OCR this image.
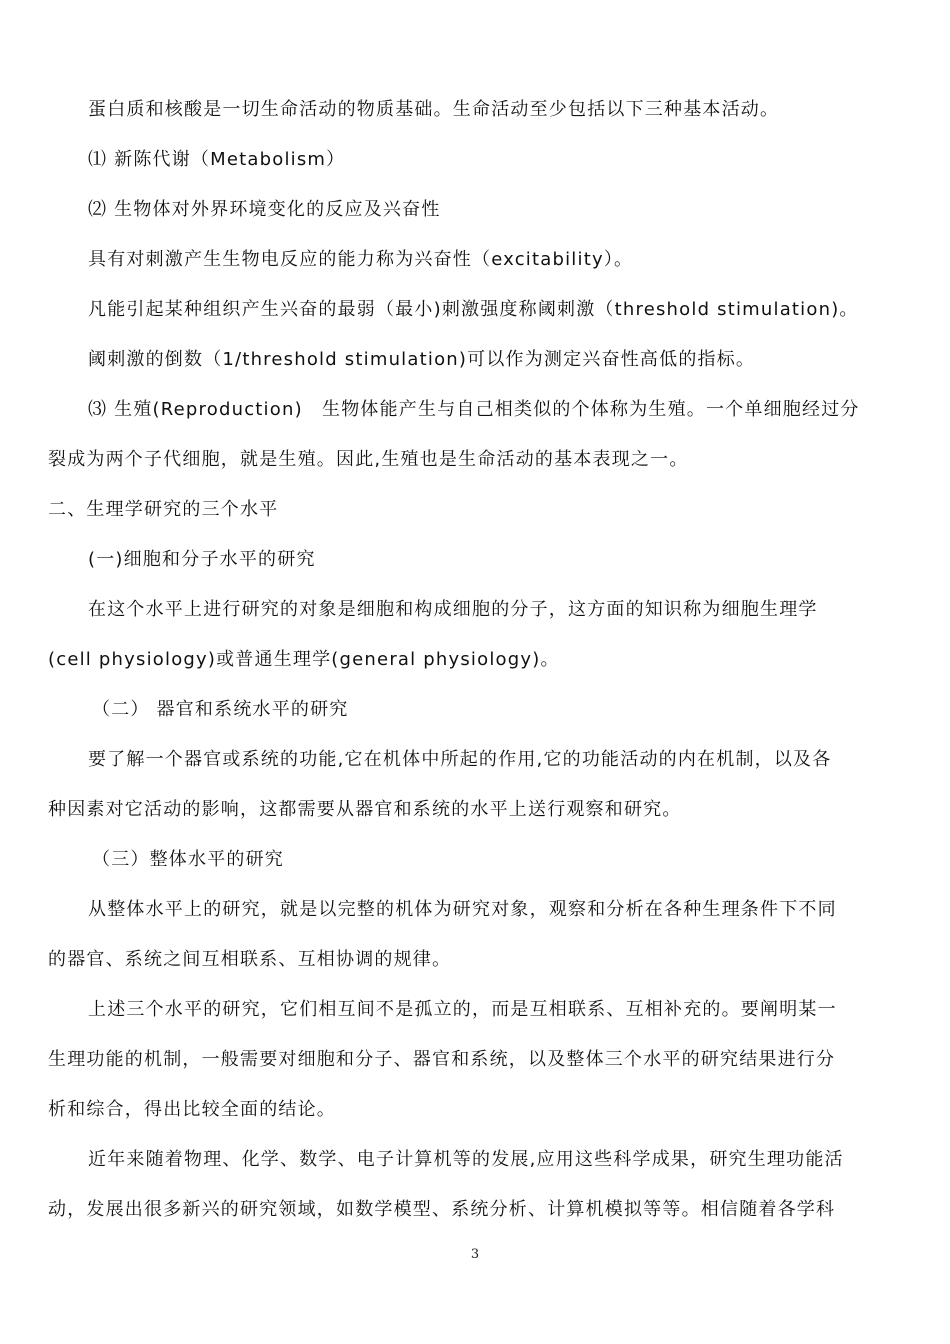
蛋白质和核酸是一切生命活动的物质基础。生命活动至少包括以下三种基本活动。
⑴ 新陈代谢（Metabolism）
⑵ 生物体对外界环境变化的反应及兴奋性
具有对刺激产生生物电反应的能力称为兴奋性（excitability）。
凡能引起某种组织产生兴奋的最弱（最小)刺激强度称阈刺激（threshold stimulation)。
阈刺激的倒数（1/threshold stimulation)可以作为测定兴奋性高低的指标。
⑶ 生殖(Reproduction)　生物体能产生与自己相类似的个体称为生殖。一个单细胞经过分
裂成为两个子代细胞，就是生殖。因此,生殖也是生命活动的基本表现之一。
二、生理学研究的三个水平
(一)细胞和分子水平的研究
在这个水平上进行研究的对象是细胞和构成细胞的分子，这方面的知识称为细胞生理学
(cell physiology)或普通生理学(general physiology)。
（二） 器官和系统水平的研究
要了解一个器官或系统的功能,它在机体中所起的作用,它的功能活动的内在机制，以及各
种因素对它活动的影响，这都需要从器官和系统的水平上送行观察和研究。
（三）整体水平的研究
从整体水平上的研究，就是以完整的机体为研究对象，观察和分析在各种生理条件下不同
的器官、系统之间互相联系、互相协调的规律。
上述三个水平的研究，它们相互间不是孤立的，而是互相联系、互相补充的。要阐明某一
生理功能的机制，一般需要对细胞和分子、器官和系统，以及整体三个水平的研究结果进行分
析和综合，得出比较全面的结论。
近年来随着物理、化学、数学、电子计算机等的发展,应用这些科学成果，研究生理功能活
动，发展出很多新兴的研究领域，如数学模型、系统分析、计算机模拟等等。相信随着各学科
3
